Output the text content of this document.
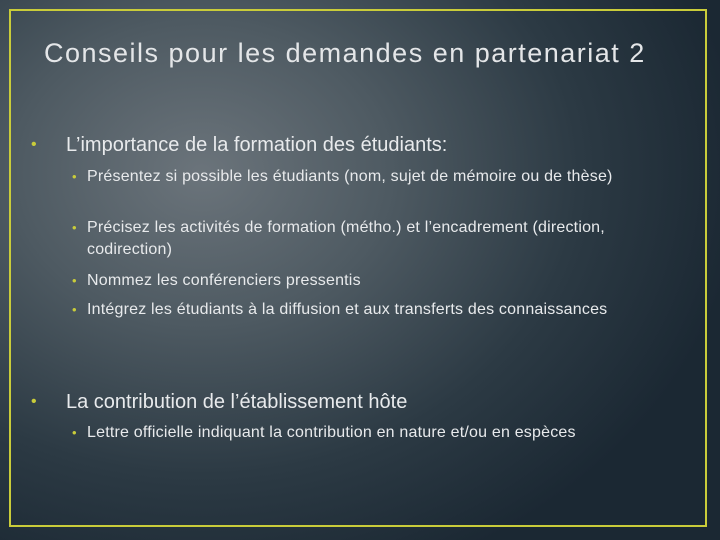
Conseils pour les demandes en partenariat 2
• L’importance de la formation des étudiants:
• Présentez si possible les étudiants (nom, sujet de mémoire ou de thèse)
• Précisez les activités de formation (métho.) et l’encadrement (direction, codirection)
• Nommez les conférenciers pressentis
• Intégrez les étudiants à la diffusion et aux transferts des connaissances
• La contribution de l’établissement hôte
• Lettre officielle indiquant la contribution en nature et/ou en espèces
